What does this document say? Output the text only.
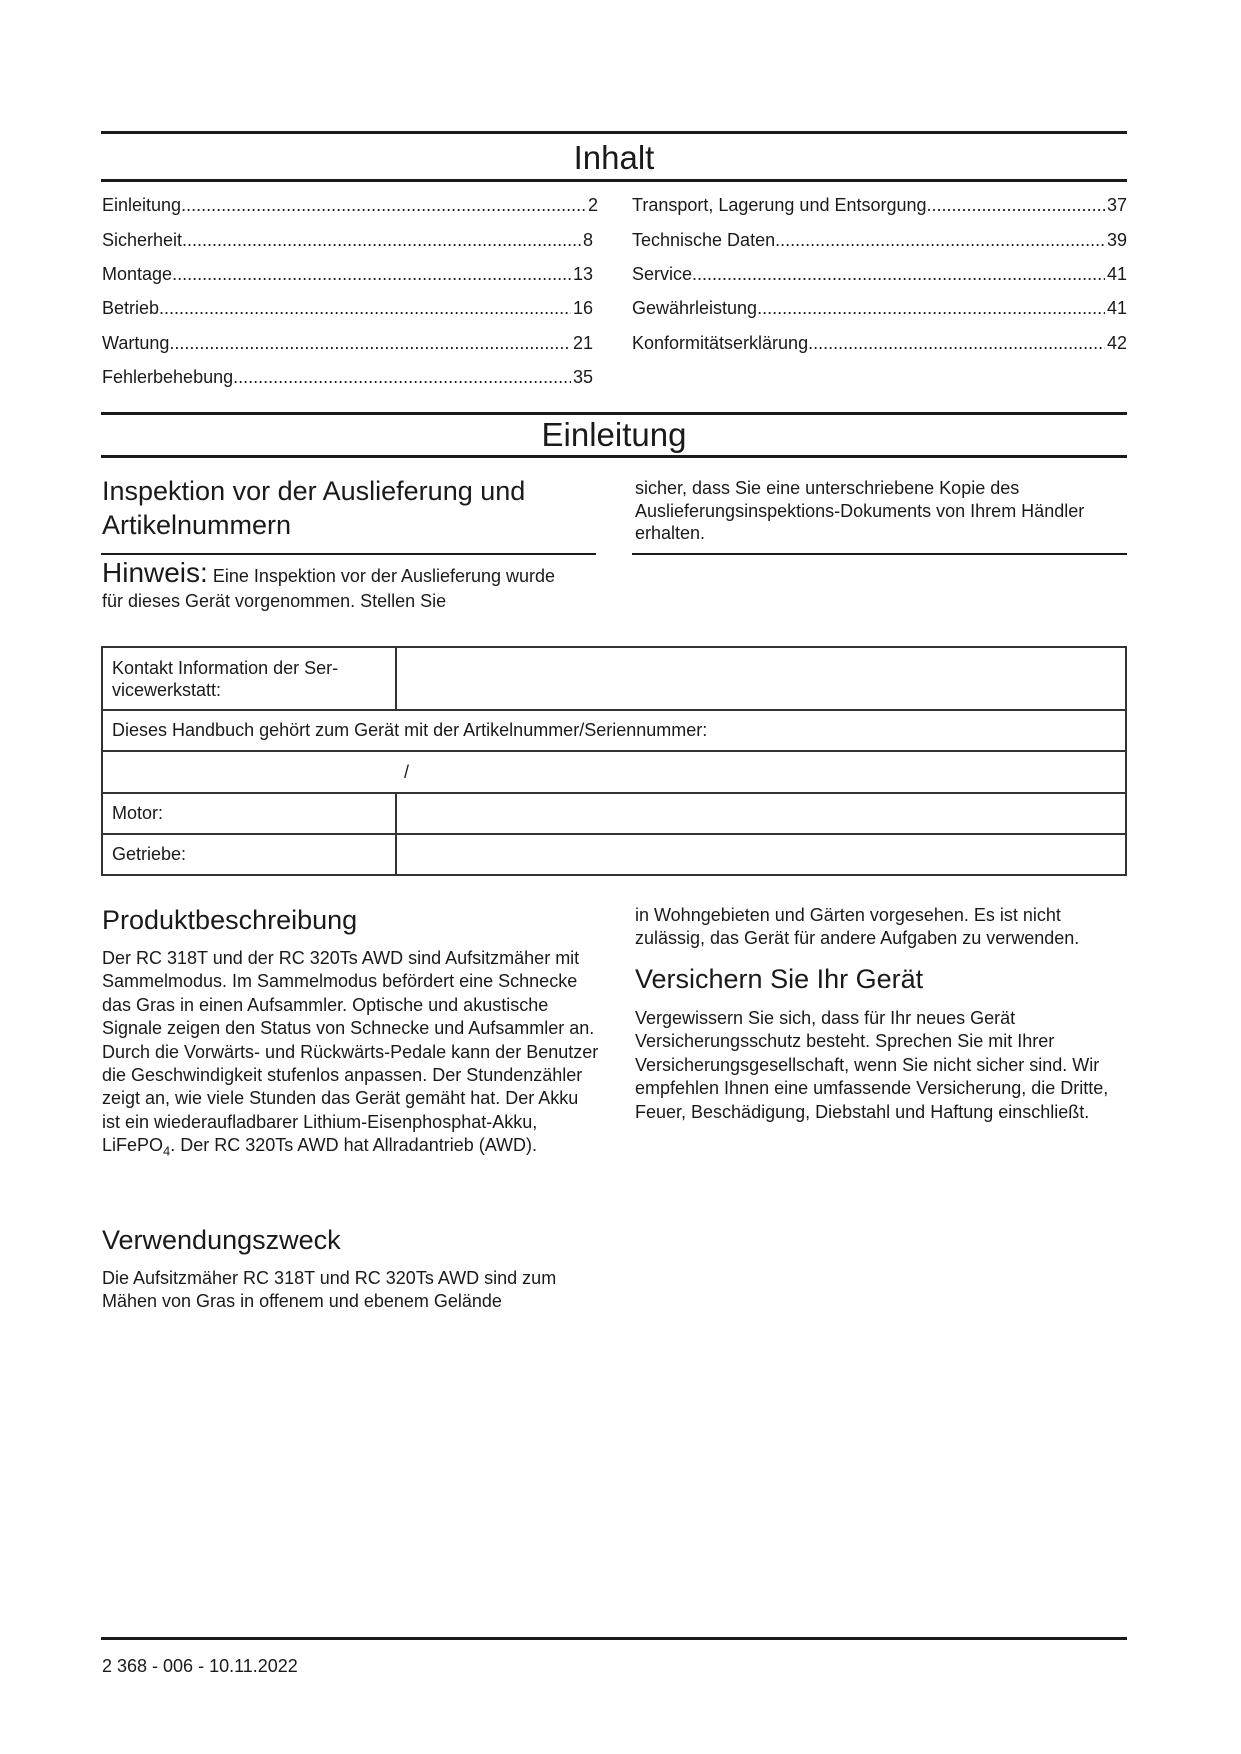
Inhalt
Einleitung .....	2
Sicherheit .....	8
Montage .....	13
Betrieb .....	16
Wartung .....	21
Fehlerbehebung .....	35
Transport, Lagerung und Entsorgung .....	37
Technische Daten .....	39
Service .....	41
Gewährleistung .....	41
Konformitätserklärung .....	42
Einleitung
Inspektion vor der Auslieferung und Artikelnummern
Hinweis: Eine Inspektion vor der Auslieferung wurde für dieses Gerät vorgenommen. Stellen Sie

sicher, dass Sie eine unterschriebene Kopie des Auslieferungsinspektions-Dokuments von Ihrem Händler erhalten.

Kontakt Information der Ser-vicewerkstatt:	
Dieses Handbuch gehört zum Gerät mit der Artikelnummer/Seriennummer:	
/	
Motor:	
Getriebe:	
Produktbeschreibung

Der RC 318T und der RC 320Ts AWD sind Aufsitzmäher mit Sammelmodus. Im Sammelmodus befördert eine Schnecke das Gras in einen Aufsammler. Optische und akustische Signale zeigen den Status von Schnecke und Aufsammler an. Durch die Vorwärts- und Rückwärts-Pedale kann der Benutzer die Geschwindigkeit stufenlos anpassen. Der Stundenzähler zeigt an, wie viele Stunden das Gerät gemäht hat. Der Akku ist ein wiederaufladbarer Lithium-Eisenphosphat-Akku, LiFePO$_4$. Der RC 320Ts AWD hat Allradantrieb (AWD).

Verwendungszweck

Die Aufsitzmäher RC 318T und RC 320Ts AWD sind zum Mähen von Gras in offenem und ebenem Gelände

in Wohngebieten und Gärten vorgesehen. Es ist nicht zulässig, das Gerät für andere Aufgaben zu verwenden.

Versichern Sie Ihr Gerät

Vergewissern Sie sich, dass für Ihr neues Gerät Versicherungsschutz besteht. Sprechen Sie mit Ihrer Versicherungsgesellschaft, wenn Sie nicht sicher sind. Wir empfehlen Ihnen eine umfassende Versicherung, die Dritte, Feuer, Beschädigung, Diebstahl und Haftung einschließt.

2 368 - 006 - 10.11.2022
